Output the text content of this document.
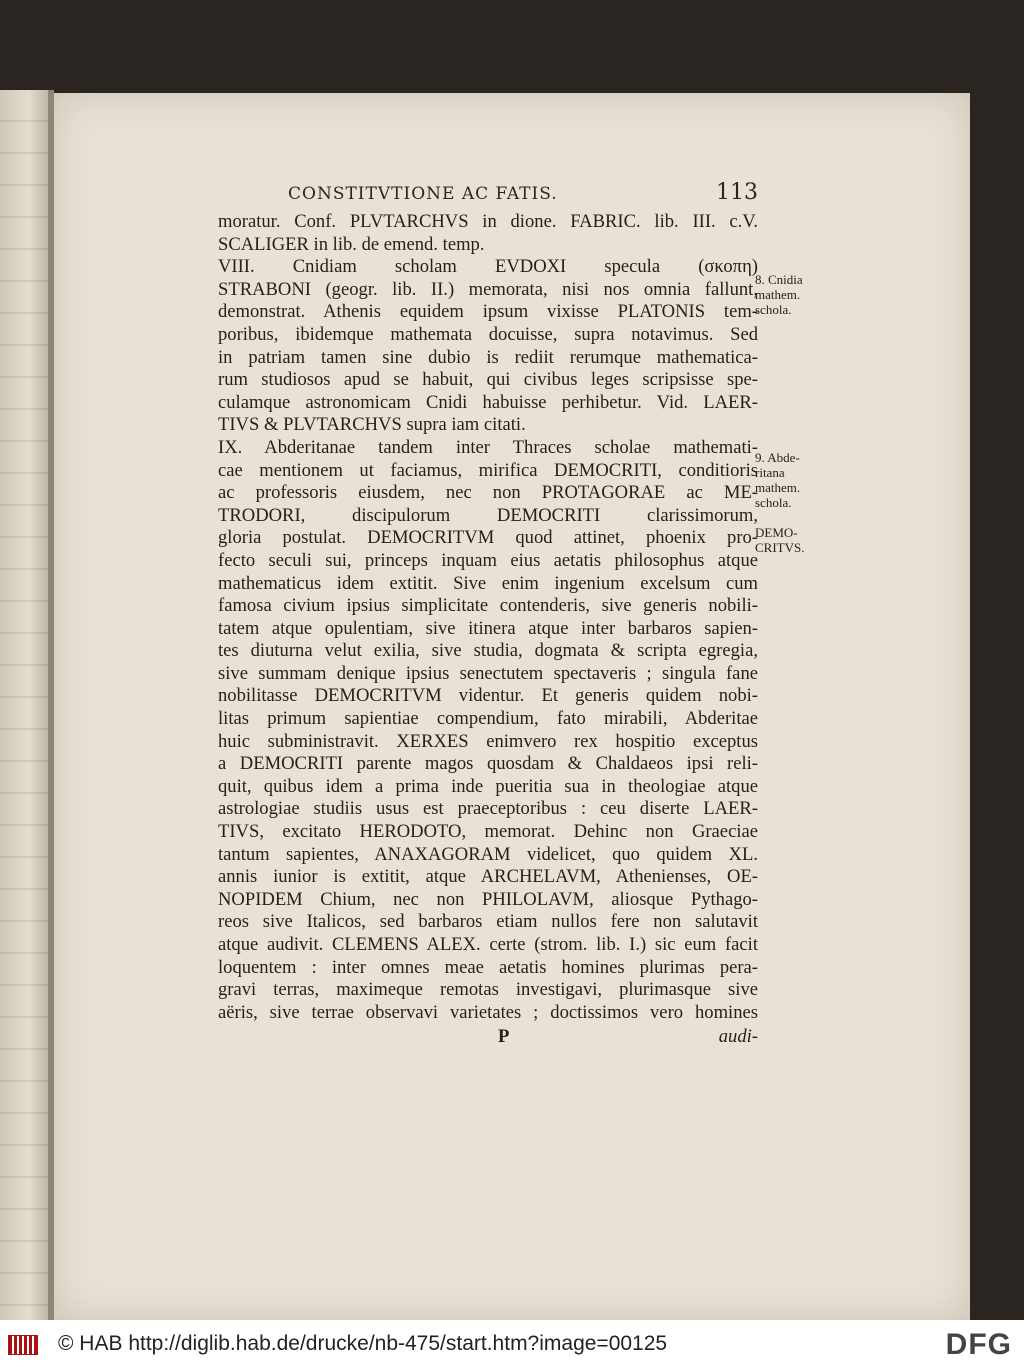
CONSTITVTIONE AC FATIS.	113
moratur. Conf. PLVTARCHVS in dione. FABRIC. lib. III. c.V.
SCALIGER in lib. de emend. temp.
VIII. Cnidiam scholam EVDOXI specula (σκοπη)
STRABONI (geogr. lib. II.) memorata, nisi nos omnia fallunt,
demonstrat. Athenis equidem ipsum vixisse PLATONIS tem-
poribus, ibidemque mathemata docuisse, supra notavimus. Sed
in patriam tamen sine dubio is rediit rerumque mathematica-
rum studiosos apud se habuit, qui civibus leges scripsisse spe-
culamque astronomicam Cnidi habuisse perhibetur. Vid. LAER-
TIVS & PLVTARCHVS supra iam citati.
IX. Abderitanae tandem inter Thraces scholae mathemati-
cae mentionem ut faciamus, mirifica DEMOCRITI, conditioris
ac professoris eiusdem, nec non PROTAGORAE ac ME-
TRODORI, discipulorum DEMOCRITI clarissimorum,
gloria postulat. DEMOCRITVM quod attinet, phoenix pro-
fecto seculi sui, princeps inquam eius aetatis philosophus atque
mathematicus idem extitit. Sive enim ingenium excelsum cum
famosa civium ipsius simplicitate contenderis, sive generis nobili-
tatem atque opulentiam, sive itinera atque inter barbaros sapien-
tes diuturna velut exilia, sive studia, dogmata & scripta egregia,
sive summam denique ipsius senectutem spectaveris ; singula fane
nobilitasse DEMOCRITVM videntur. Et generis quidem nobi-
litas primum sapientiae compendium, fato mirabili, Abderitae
huic subministravit. XERXES enimvero rex hospitio exceptus
a DEMOCRITI parente magos quosdam & Chaldaeos ipsi reli-
quit, quibus idem a prima inde pueritia sua in theologiae atque
astrologiae studiis usus est praeceptoribus : ceu diserte LAER-
TIVS, excitato HERODOTO, memorat. Dehinc non Graeciae
tantum sapientes, ANAXAGORAM videlicet, quo quidem XL.
annis iunior is extitit, atque ARCHELAVM, Athenienses, OE-
NOPIDEM Chium, nec non PHILOLAVM, aliosque Pythago-
reos sive Italicos, sed barbaros etiam nullos fere non salutavit
atque audivit. CLEMENS ALEX. certe (strom. lib. I.) sic eum facit
loquentem : inter omnes meae aetatis homines plurimas pera-
gravi terras, maximeque remotas investigavi, plurimasque sive
aëris, sive terrae observavi varietates ; doctissimos vero homines
P	audi-
8. Cnidia mathem. schola.
9. Abde- ritana mathem. schola.
DEMO- CRITVS.
© HAB http://diglib.hab.de/drucke/nb-475/start.htm?image=00125	DFG
